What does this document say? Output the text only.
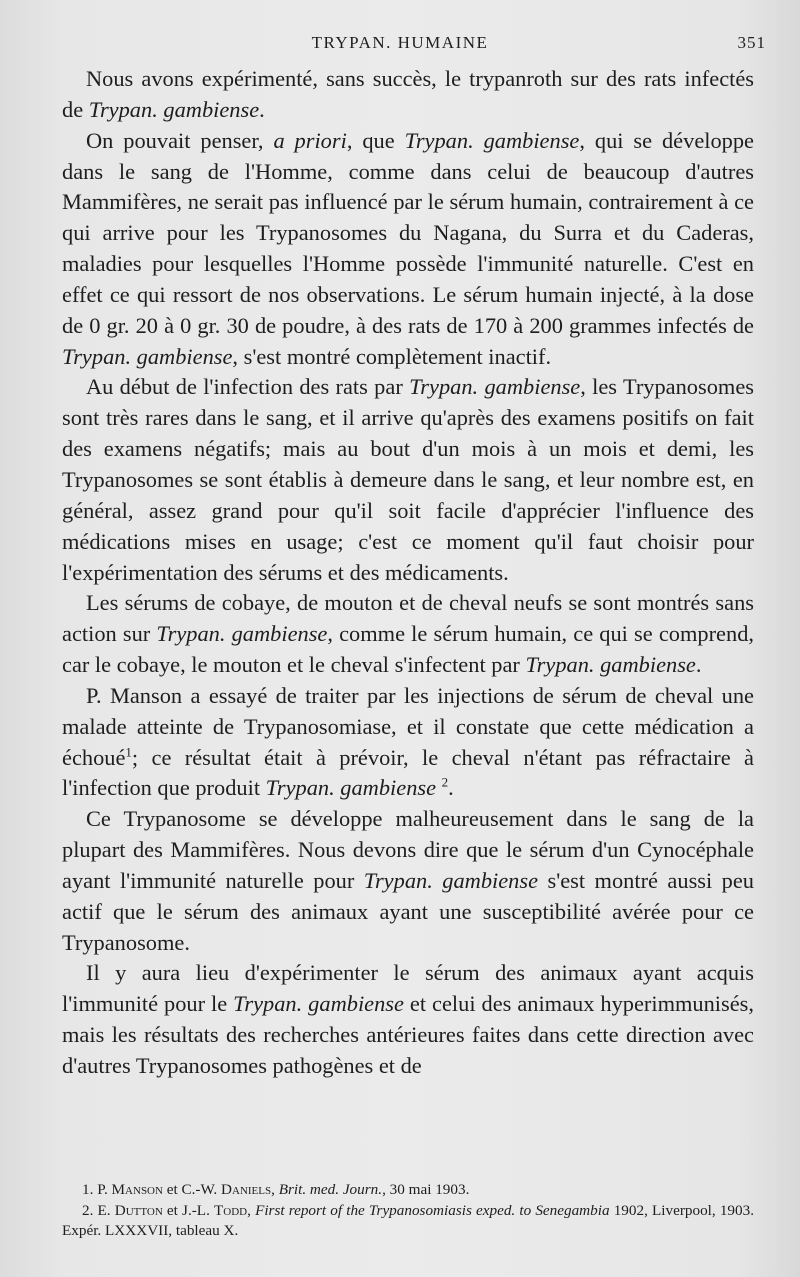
TRYPAN. HUMAINE	351

Nous avons expérimenté, sans succès, le trypanroth sur des rats infectés de Trypan. gambiense.

On pouvait penser, a priori, que Trypan. gambiense, qui se développe dans le sang de l'Homme, comme dans celui de beaucoup d'autres Mammifères, ne serait pas influencé par le sérum humain, contrairement à ce qui arrive pour les Trypanosomes du Nagana, du Surra et du Caderas, maladies pour lesquelles l'Homme possède l'immunité naturelle. C'est en effet ce qui ressort de nos observations. Le sérum humain injecté, à la dose de 0 gr. 20 à 0 gr. 30 de poudre, à des rats de 170 à 200 grammes infectés de Trypan. gambiense, s'est montré complètement inactif.

Au début de l'infection des rats par Trypan. gambiense, les Trypanosomes sont très rares dans le sang, et il arrive qu'après des examens positifs on fait des examens négatifs; mais au bout d'un mois à un mois et demi, les Trypanosomes se sont établis à demeure dans le sang, et leur nombre est, en général, assez grand pour qu'il soit facile d'apprécier l'influence des médications mises en usage; c'est ce moment qu'il faut choisir pour l'expérimentation des sérums et des médicaments.

Les sérums de cobaye, de mouton et de cheval neufs se sont montrés sans action sur Trypan. gambiense, comme le sérum humain, ce qui se comprend, car le cobaye, le mouton et le cheval s'infectent par Trypan. gambiense.

P. Manson a essayé de traiter par les injections de sérum de cheval une malade atteinte de Trypanosomiase, et il constate que cette médication a échoué$^1$; ce résultat était à prévoir, le cheval n'étant pas réfractaire à l'infection que produit Trypan. gambiense $^2$.

Ce Trypanosome se développe malheureusement dans le sang de la plupart des Mammifères. Nous devons dire que le sérum d'un Cynocéphale ayant l'immunité naturelle pour Trypan. gambiense s'est montré aussi peu actif que le sérum des animaux ayant une susceptibilité avérée pour ce Trypanosome.

Il y aura lieu d'expérimenter le sérum des animaux ayant acquis l'immunité pour le Trypan. gambiense et celui des animaux hyperimmunisés, mais les résultats des recherches antérieures faites dans cette direction avec d'autres Trypanosomes pathogènes et de

1. P. Manson et C.-W. Daniels, Brit. med. Journ., 30 mai 1903.

2. E. Dutton et J.-L. Todd, First report of the Trypanosomiasis exped. to Senegambia 1902, Liverpool, 1903. Expér. LXXXVII, tableau X.
